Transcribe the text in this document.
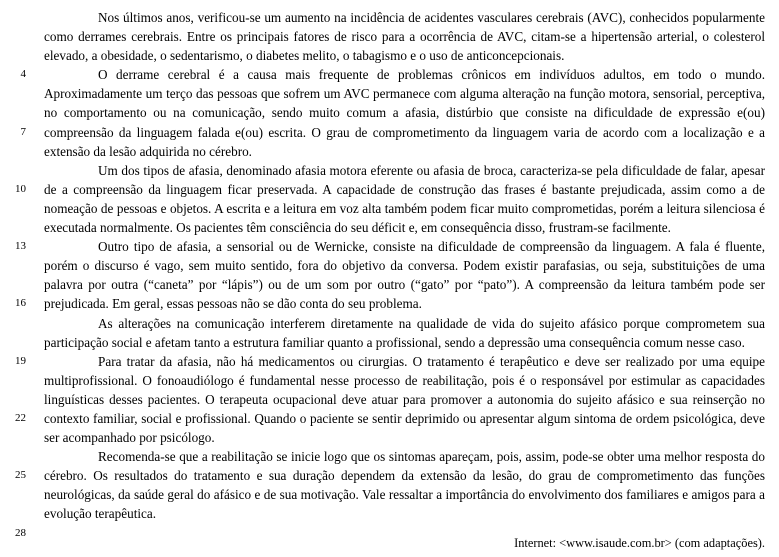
4
7
10
13
16
19
22
25
28

Nos últimos anos, verificou-se um aumento na incidência de acidentes vasculares cerebrais (AVC), conhecidos popularmente como derrames cerebrais. Entre os principais fatores de risco para a ocorrência de AVC, citam-se a hipertensão arterial, o colesterol elevado, a obesidade, o sedentarismo, o diabetes melito, o tabagismo e o uso de anticoncepcionais.

O derrame cerebral é a causa mais frequente de problemas crônicos em indivíduos adultos, em todo o mundo. Aproximadamente um terço das pessoas que sofrem um AVC permanece com alguma alteração na função motora, sensorial, perceptiva, no comportamento ou na comunicação, sendo muito comum a afasia, distúrbio que consiste na dificuldade de expressão e(ou) compreensão da linguagem falada e(ou) escrita. O grau de comprometimento da linguagem varia de acordo com a localização e a extensão da lesão adquirida no cérebro.

Um dos tipos de afasia, denominado afasia motora eferente ou afasia de broca, caracteriza-se pela dificuldade de falar, apesar de a compreensão da linguagem ficar preservada. A capacidade de construção das frases é bastante prejudicada, assim como a de nomeação de pessoas e objetos. A escrita e a leitura em voz alta também podem ficar muito comprometidas, porém a leitura silenciosa é executada normalmente. Os pacientes têm consciência do seu déficit e, em consequência disso, frustram-se facilmente.

Outro tipo de afasia, a sensorial ou de Wernicke, consiste na dificuldade de compreensão da linguagem. A fala é fluente, porém o discurso é vago, sem muito sentido, fora do objetivo da conversa. Podem existir parafasias, ou seja, substituições de uma palavra por outra (“caneta” por “lápis”) ou de um som por outro (“gato” por “pato”). A compreensão da leitura também pode ser prejudicada. Em geral, essas pessoas não se dão conta do seu problema.

As alterações na comunicação interferem diretamente na qualidade de vida do sujeito afásico porque comprometem sua participação social e afetam tanto a estrutura familiar quanto a profissional, sendo a depressão uma consequência comum nesse caso.

Para tratar da afasia, não há medicamentos ou cirurgias. O tratamento é terapêutico e deve ser realizado por uma equipe multiprofissional. O fonoaudiólogo é fundamental nesse processo de reabilitação, pois é o responsável por estimular as capacidades linguísticas desses pacientes. O terapeuta ocupacional deve atuar para promover a autonomia do sujeito afásico e sua reinserção no contexto familiar, social e profissional. Quando o paciente se sentir deprimido ou apresentar algum sintoma de ordem psicológica, deve ser acompanhado por psicólogo.

Recomenda-se que a reabilitação se inicie logo que os sintomas apareçam, pois, assim, pode-se obter uma melhor resposta do cérebro. Os resultados do tratamento e sua duração dependem da extensão da lesão, do grau de comprometimento das funções neurológicas, da saúde geral do afásico e de sua motivação. Vale ressaltar a importância do envolvimento dos familiares e amigos para a evolução terapêutica.

Internet: <www.isaude.com.br> (com adaptações).
